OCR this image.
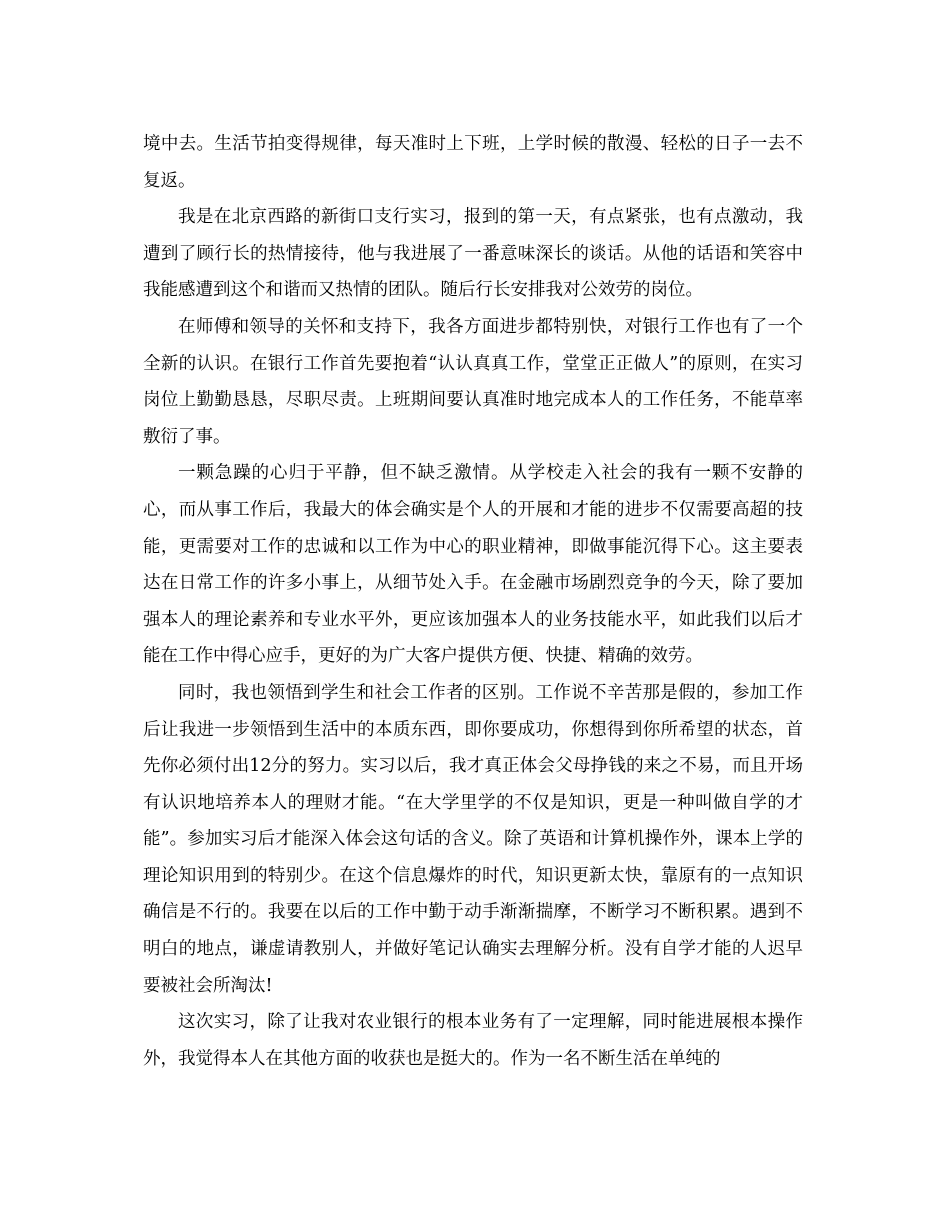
境中去。生活节拍变得规律，每天准时上下班，上学时候的散漫、轻松的日子一去不复返。

我是在北京西路的新街口支行实习，报到的第一天，有点紧张，也有点激动，我遭到了顾行长的热情接待，他与我进展了一番意味深长的谈话。从他的话语和笑容中我能感遭到这个和谐而又热情的团队。随后行长安排我对公效劳的岗位。

在师傅和领导的关怀和支持下，我各方面进步都特别快，对银行工作也有了一个全新的认识。在银行工作首先要抱着“认认真真工作，堂堂正正做人”的原则，在实习岗位上勤勤恳恳，尽职尽责。上班期间要认真准时地完成本人的工作任务，不能草率敷衍了事。

一颗急躁的心归于平静，但不缺乏激情。从学校走入社会的我有一颗不安静的心，而从事工作后，我最大的体会确实是个人的开展和才能的进步不仅需要高超的技能，更需要对工作的忠诚和以工作为中心的职业精神，即做事能沉得下心。这主要表达在日常工作的许多小事上，从细节处入手。在金融市场剧烈竞争的今天，除了要加强本人的理论素养和专业水平外，更应该加强本人的业务技能水平，如此我们以后才能在工作中得心应手，更好的为广大客户提供方便、快捷、精确的效劳。

同时，我也领悟到学生和社会工作者的区别。工作说不辛苦那是假的，参加工作后让我进一步领悟到生活中的本质东西，即你要成功，你想得到你所希望的状态，首先你必须付出12分的努力。实习以后，我才真正体会父母挣钱的来之不易，而且开场有认识地培养本人的理财才能。“在大学里学的不仅是知识，更是一种叫做自学的才能”。参加实习后才能深入体会这句话的含义。除了英语和计算机操作外，课本上学的理论知识用到的特别少。在这个信息爆炸的时代，知识更新太快，靠原有的一点知识确信是不行的。我要在以后的工作中勤于动手渐渐揣摩，不断学习不断积累。遇到不明白的地点，谦虚请教别人，并做好笔记认确实去理解分析。没有自学才能的人迟早要被社会所淘汰!

这次实习，除了让我对农业银行的根本业务有了一定理解，同时能进展根本操作外，我觉得本人在其他方面的收获也是挺大的。作为一名不断生活在单纯的
